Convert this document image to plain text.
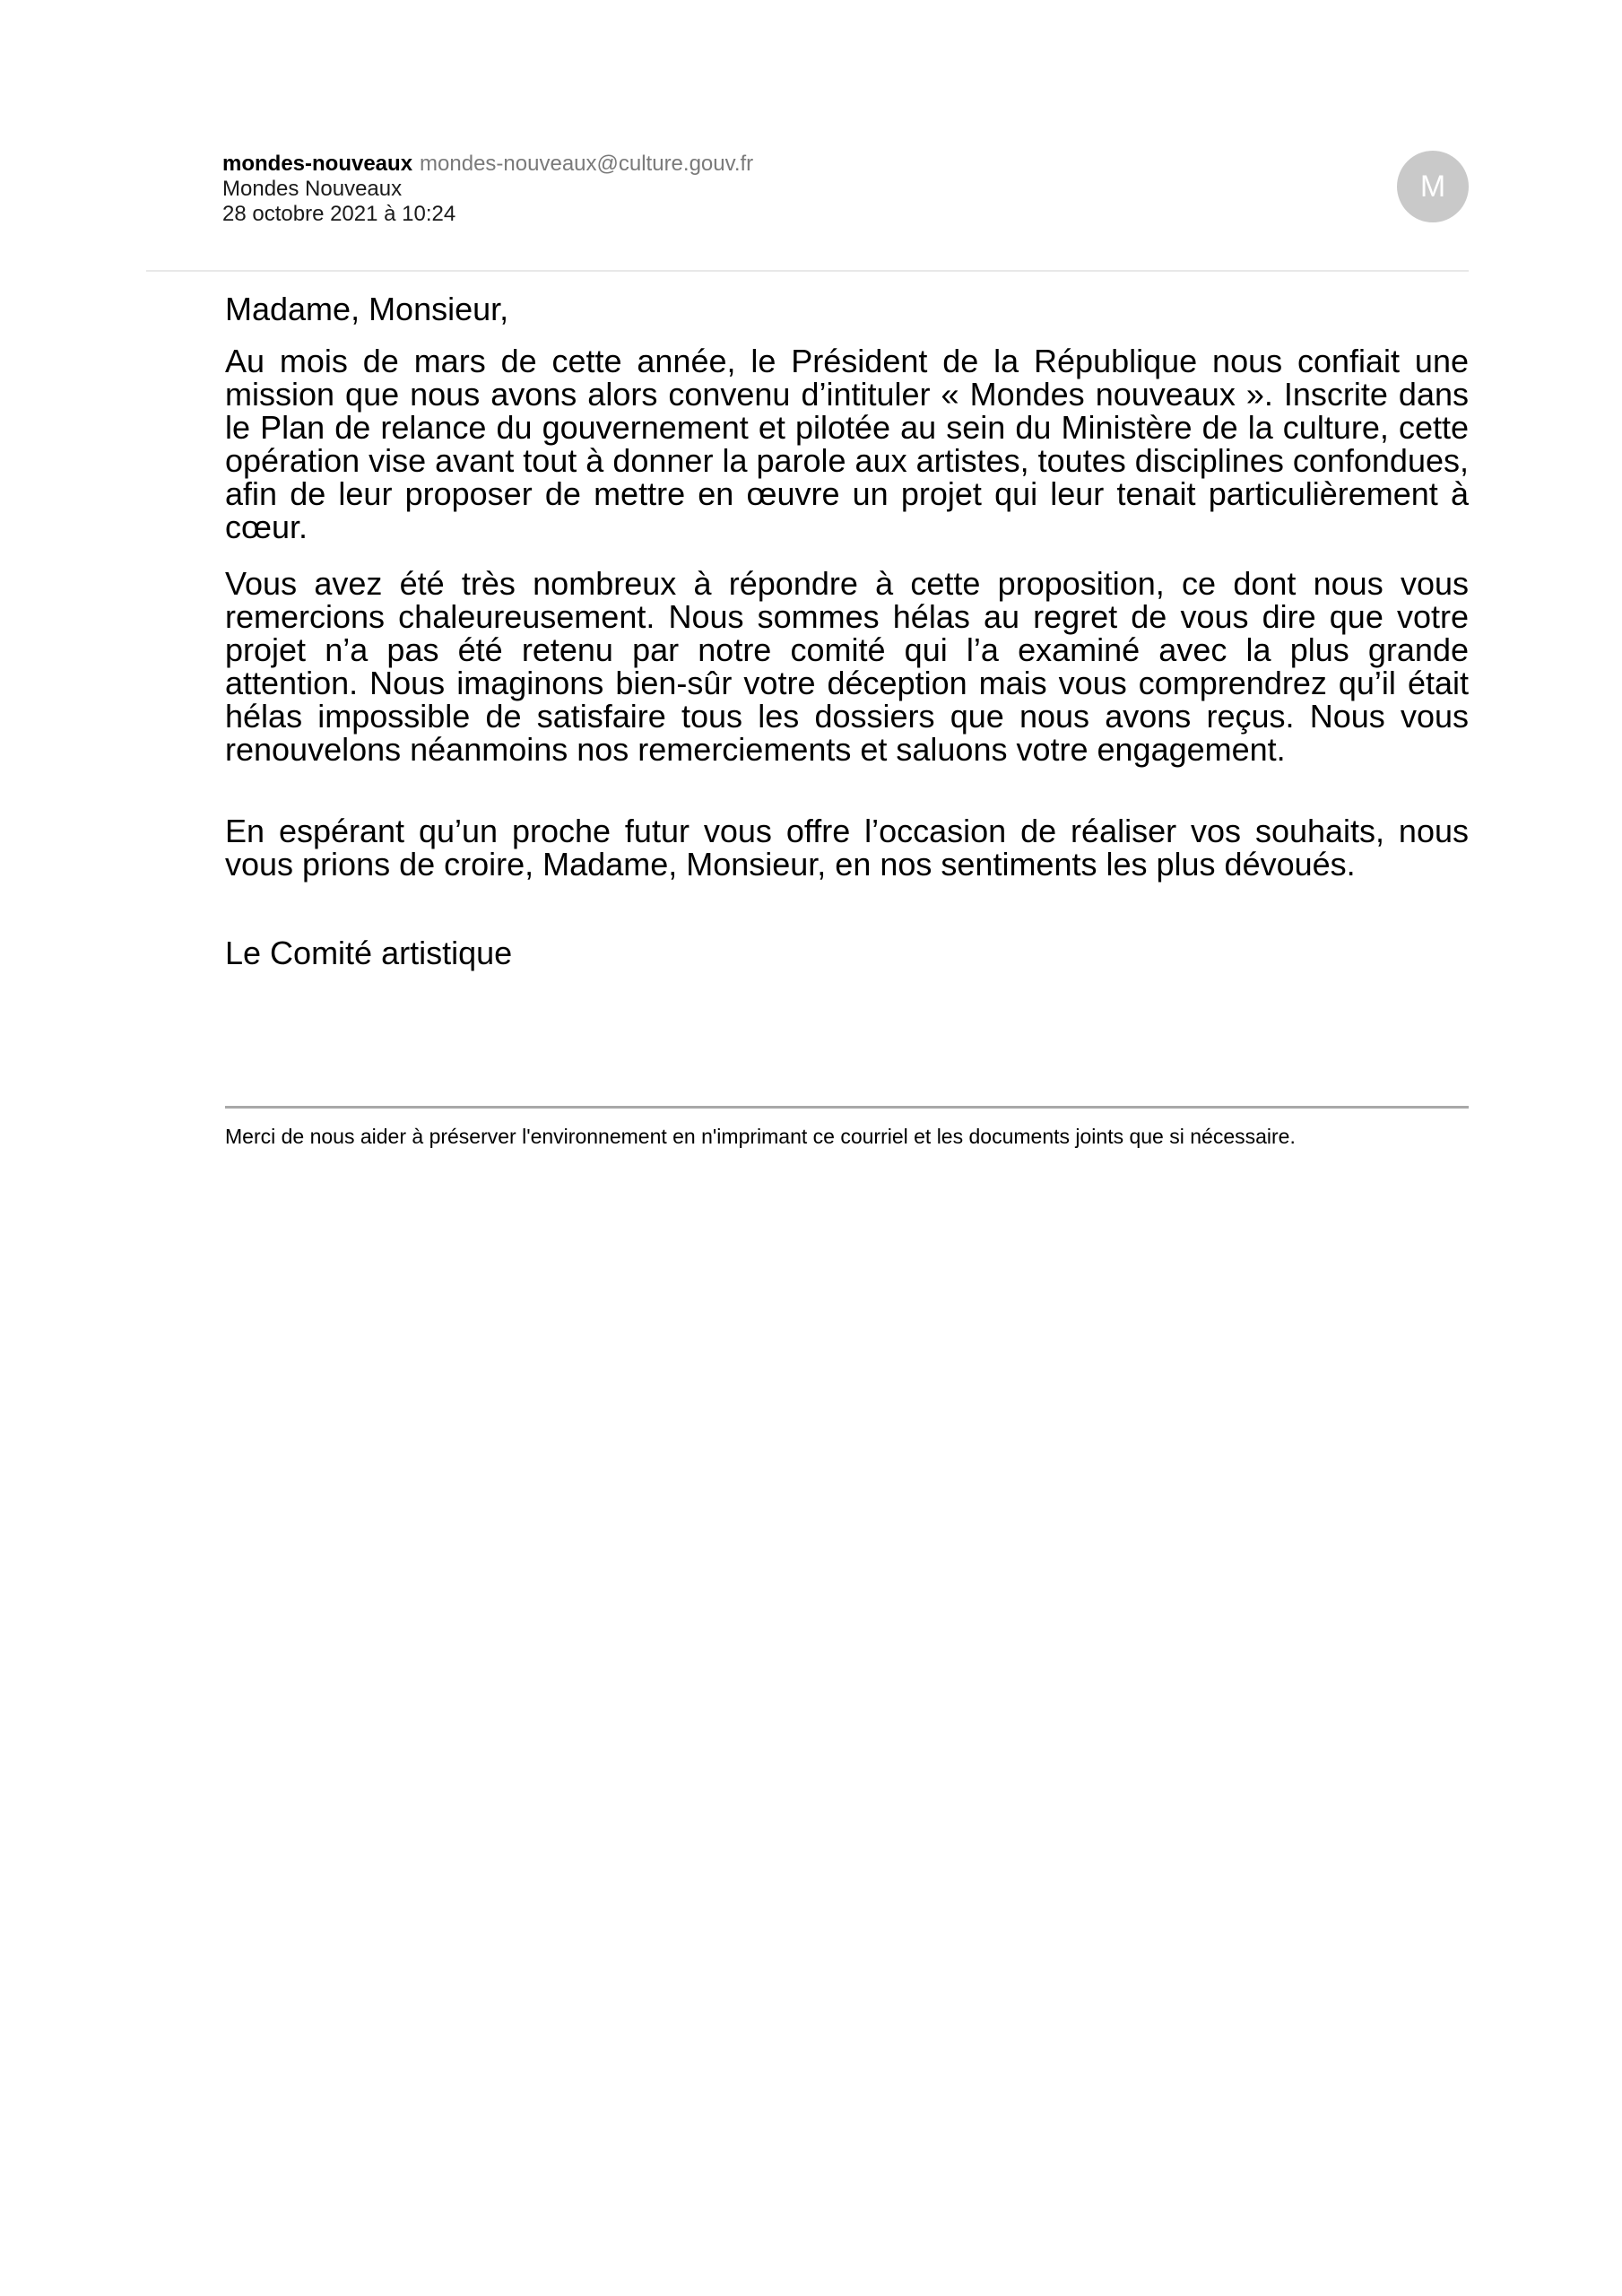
mondes-nouveaux mondes-nouveaux@culture.gouv.fr
Mondes Nouveaux
28 octobre 2021 à 10:24
M
Madame, Monsieur,

Au mois de mars de cette année, le Président de la République nous confiait une mission que nous avons alors convenu d’intituler « Mondes nouveaux ». Inscrite dans le Plan de relance du gouvernement et pilotée au sein du Ministère de la culture, cette opération vise avant tout à donner la parole aux artistes, toutes disciplines confondues, afin de leur proposer de mettre en œuvre un projet qui leur tenait particulièrement à cœur.

Vous avez été très nombreux à répondre à cette proposition, ce dont nous vous remercions chaleureusement. Nous sommes hélas au regret de vous dire que votre projet n’a pas été retenu par notre comité qui l’a examiné avec la plus grande attention. Nous imaginons bien-sûr votre déception mais vous comprendrez qu’il était hélas impossible de satisfaire tous les dossiers que nous avons reçus. Nous vous renouvelons néanmoins nos remerciements et saluons votre engagement.

En espérant qu’un proche futur vous offre l’occasion de réaliser vos souhaits, nous vous prions de croire, Madame, Monsieur, en nos sentiments les plus dévoués.

Le Comité artistique
Merci de nous aider à préserver l'environnement en n'imprimant ce courriel et les documents joints que si nécessaire.
